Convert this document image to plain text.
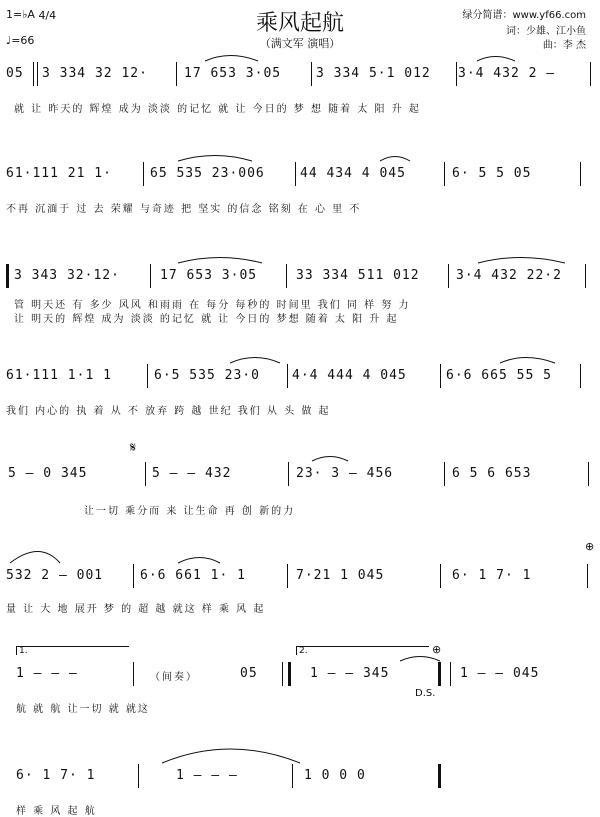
乘风起航
（满文军 演唱）
1=♭A 4/4
♩=66
绿分简谱：www.yf66.com
词：少雄、江小鱼
曲：李 杰
05 3 334 32 12·	17 653 3·05	3 334 5·1 012 3·4 432 2 –
就 让 昨天的 辉煌 成为 淡淡 的记忆 就 让 今日的 梦 想 随着 太 阳 升 起
61·111 21 1·	65 535 23·006	44 434 4 045	6· 5 5 05
不再 沉湎于 过 去 荣耀 与奇迹 把 坚实 的信念 铭刻 在 心 里 不
3 343 32·12·	17 653 3·05	33 334 511 012	3·4 432 22·2
管 明天还 有 多少 风风 和雨雨 在 每分 每秒的 时间里 我们 同 样 努 力
让 明天的 辉煌 成为 淡淡 的记忆 就 让 今日的 梦想 随着 太 阳 升 起
61·111 1·1 1	6·5 535 23·0 4·4 444 4 045	6·6 665 55 5
我们 内心的 执 着 从 不 放弃 跨 越 世纪 我们 从 头 做 起
5 – 0 345	5 – – 432	23· 3 – 456	6 5 6 653
让一切 乘分而 来 让生命 再 创 新的力
532 2 – 001	6·6 661 1· 1	7·21 1 045	6· 1 7· 1
量 让 大 地 展开 梦 的 超 越 就这 样 乘 风 起
1 – – –	05	1 – – 345	1 – – 045
（间奏）
航 就 航 让一切 就 就这
6· 1 7· 1	1 – – –	1 0 0 0
样 乘 风 起 航
𝄋
⊕
⊕
D.S.
1.	2.
